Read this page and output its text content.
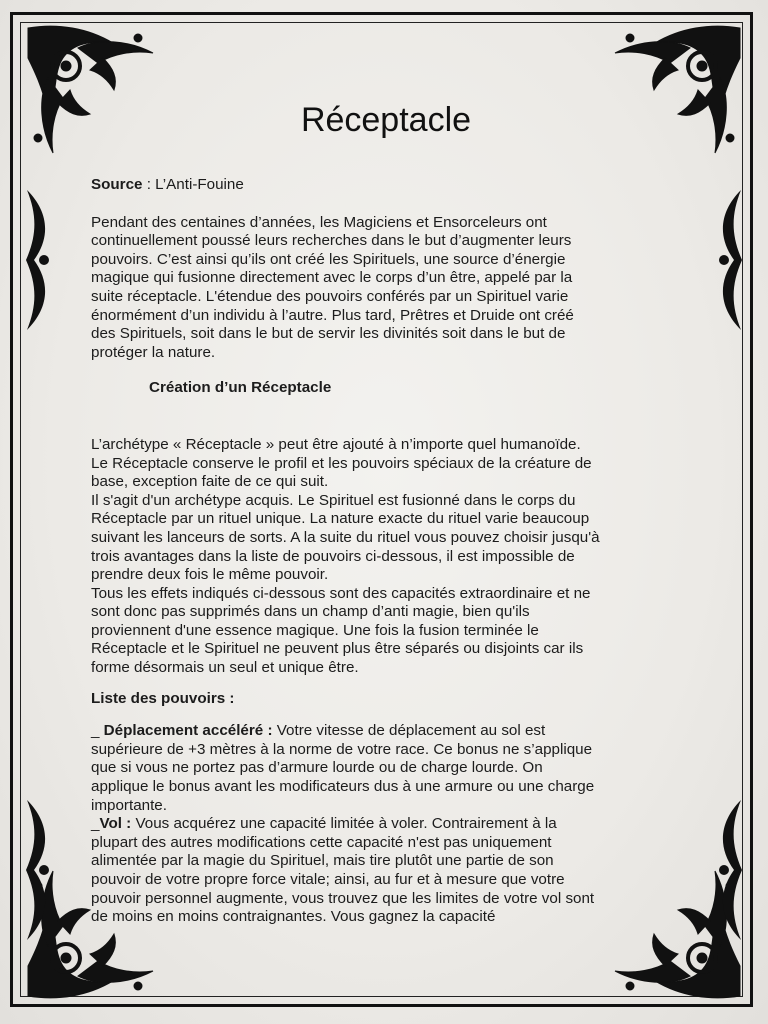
Réceptacle

Source : L’Anti-Fouine

Pendant des centaines d’années, les Magiciens et Ensorceleurs ont
continuellement poussé leurs recherches dans le but d’augmenter leurs
pouvoirs. C’est ainsi qu’ils ont créé les Spirituels, une source d’énergie
magique qui fusionne directement avec le corps d’un être, appelé par la
suite réceptacle. L'étendue des pouvoirs conférés par un Spirituel varie
énormément d’un individu à l’autre. Plus tard, Prêtres et Druide ont créé
des Spirituels, soit dans le but de servir les divinités soit dans le but de
protéger la nature.

Création d’un Réceptacle

L’archétype « Réceptacle » peut être ajouté à n’importe quel humanoïde.
Le Réceptacle conserve le profil et les pouvoirs spéciaux de la créature de
base, exception faite de ce qui suit.
Il s'agit d'un archétype acquis. Le Spirituel est fusionné dans le corps du
Réceptacle par un rituel unique. La nature exacte du rituel varie beaucoup
suivant les lanceurs de sorts. A la suite du rituel vous pouvez choisir jusqu'à
trois avantages dans la liste de pouvoirs ci-dessous, il est impossible de
prendre deux fois le même pouvoir.
Tous les effets indiqués ci-dessous sont des capacités extraordinaire et ne
sont donc pas supprimés dans un champ d’anti magie, bien qu'ils
proviennent d'une essence magique. Une fois la fusion terminée le
Réceptacle et le Spirituel ne peuvent plus être séparés ou disjoints car ils
forme désormais un seul et unique être.

Liste des pouvoirs :

_ Déplacement accéléré : Votre vitesse de déplacement au sol est
supérieure de +3 mètres à la norme de votre race. Ce bonus ne s’applique
que si vous ne portez pas d’armure lourde ou de charge lourde. On
applique le bonus avant les modificateurs dus à une armure ou une charge
importante.
_Vol : Vous acquérez une capacité limitée à voler. Contrairement à la
plupart des autres modifications cette capacité n'est pas uniquement
alimentée par la magie du Spirituel, mais tire plutôt une partie de son
pouvoir de votre propre force vitale; ainsi, au fur et à mesure que votre
pouvoir personnel augmente, vous trouvez que les limites de votre vol sont
de moins en moins contraignantes. Vous gagnez la capacité
